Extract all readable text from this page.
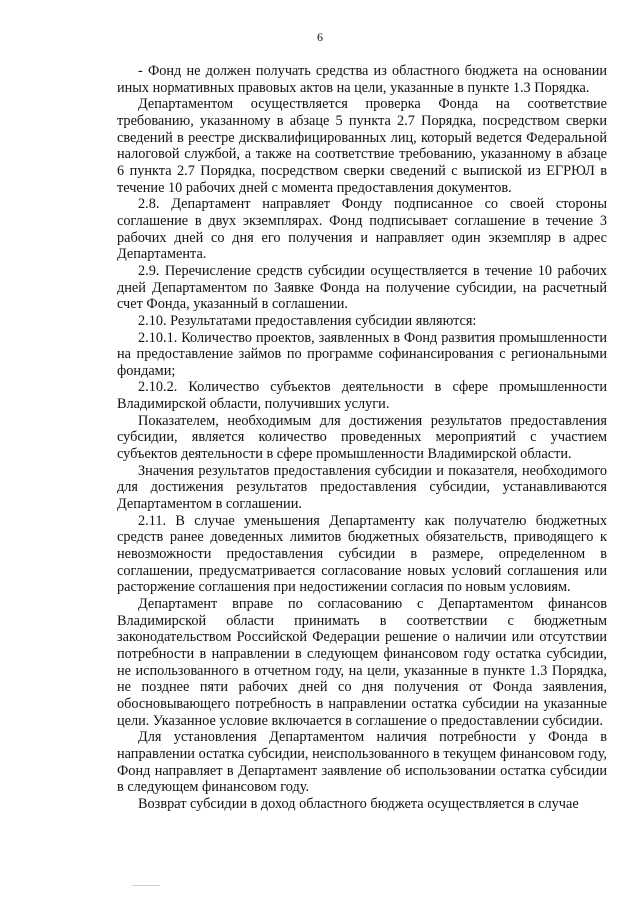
6

- Фонд не должен получать средства из областного бюджета на основании иных нормативных правовых актов на цели, указанные в пункте 1.3 Порядка.

Департаментом осуществляется проверка Фонда на соответствие требованию, указанному в абзаце 5 пункта 2.7 Порядка, посредством сверки сведений в реестре дисквалифицированных лиц, который ведется Федеральной налоговой службой, а также на соответствие требованию, указанному в абзаце 6 пункта 2.7 Порядка, посредством сверки сведений с выпиской из ЕГРЮЛ в течение 10 рабочих дней с момента предоставления документов.

2.8. Департамент направляет Фонду подписанное со своей стороны соглашение в двух экземплярах. Фонд подписывает соглашение в течение 3 рабочих дней со дня его получения и направляет один экземпляр в адрес Департамента.

2.9. Перечисление средств субсидии осуществляется в течение 10 рабочих дней Департаментом по Заявке Фонда на получение субсидии, на расчетный счет Фонда, указанный в соглашении.

2.10. Результатами предоставления субсидии являются:

2.10.1. Количество проектов, заявленных в Фонд развития промышленности на предоставление займов по программе софинансирования с региональными фондами;

2.10.2. Количество субъектов деятельности в сфере промышленности Владимирской области, получивших услуги.

Показателем, необходимым для достижения результатов предоставления субсидии, является количество проведенных мероприятий с участием субъектов деятельности в сфере промышленности Владимирской области.

Значения результатов предоставления субсидии и показателя, необходимого для достижения результатов предоставления субсидии, устанавливаются Департаментом в соглашении.

2.11. В случае уменьшения Департаменту как получателю бюджетных средств ранее доведенных лимитов бюджетных обязательств, приводящего к невозможности предоставления субсидии в размере, определенном в соглашении, предусматривается согласование новых условий соглашения или расторжение соглашения при недостижении согласия по новым условиям.

Департамент вправе по согласованию с Департаментом финансов Владимирской области принимать в соответствии с бюджетным законодательством Российской Федерации решение о наличии или отсутствии потребности в направлении в следующем финансовом году остатка субсидии, не использованного в отчетном году, на цели, указанные в пункте 1.3 Порядка, не позднее пяти рабочих дней со дня получения от Фонда заявления, обосновывающего потребность в направлении остатка субсидии на указанные цели. Указанное условие включается в соглашение о предоставлении субсидии.

Для установления Департаментом наличия потребности у Фонда в направлении остатка субсидии, неиспользованного в текущем финансовом году, Фонд направляет в Департамент заявление об использовании остатка субсидии в следующем финансовом году.

Возврат субсидии в доход областного бюджета осуществляется в случае
